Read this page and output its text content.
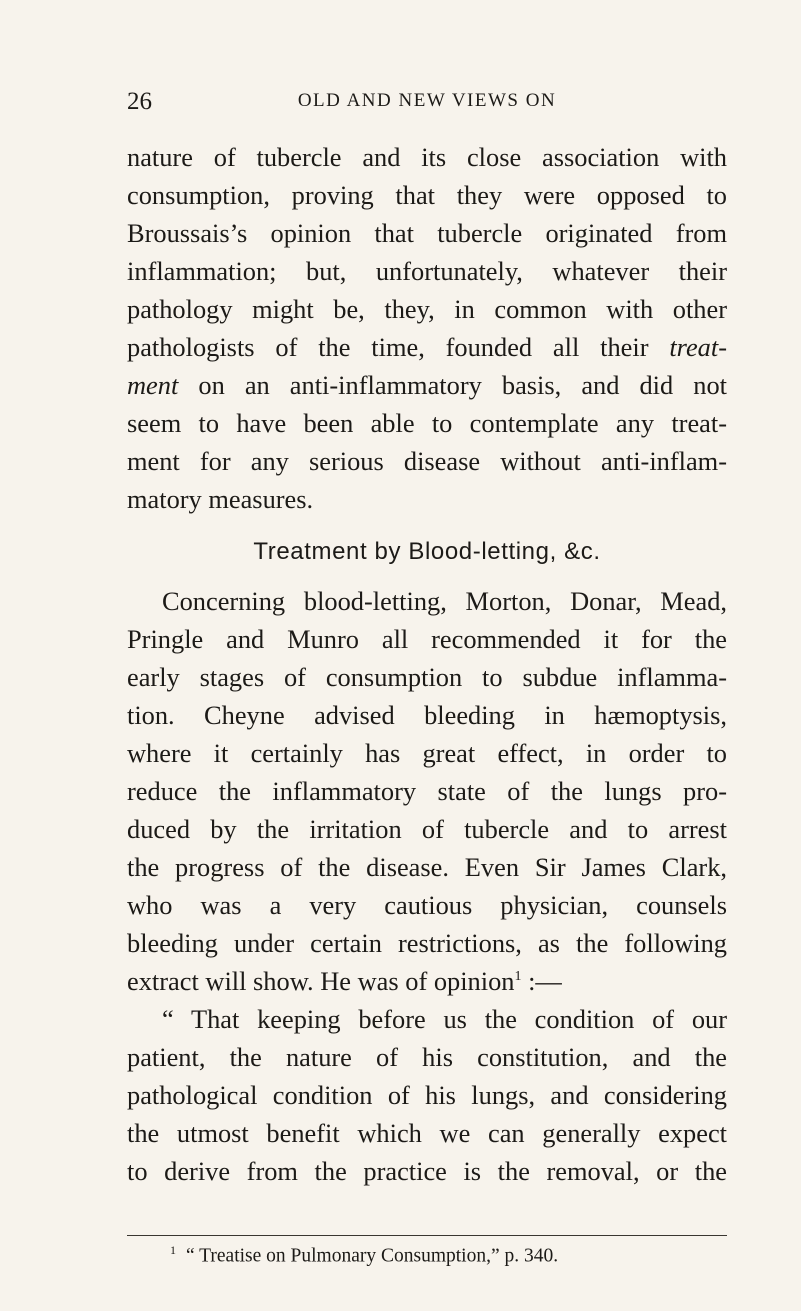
26	OLD AND NEW VIEWS ON
nature of tubercle and its close association with
consumption, proving that they were opposed to
Broussais’s opinion that tubercle originated from
inflammation; but, unfortunately, whatever their
pathology might be, they, in common with other
pathologists of the time, founded all their treat-
ment on an anti-inflammatory basis, and did not
seem to have been able to contemplate any treat-
ment for any serious disease without anti-inflam-
matory measures.
Treatment by Blood-letting, &c.
Concerning blood-letting, Morton, Donar, Mead,
Pringle and Munro all recommended it for the
early stages of consumption to subdue inflamma-
tion. Cheyne advised bleeding in hæmoptysis,
where it certainly has great effect, in order to
reduce the inflammatory state of the lungs pro-
duced by the irritation of tubercle and to arrest
the progress of the disease. Even Sir James Clark,
who was a very cautious physician, counsels
bleeding under certain restrictions, as the following
extract will show. He was of opinion$^1$ :—
“ That keeping before us the condition of our
patient, the nature of his constitution, and the
pathological condition of his lungs, and considering
the utmost benefit which we can generally expect
to derive from the practice is the removal, or the
$^1$ “ Treatise on Pulmonary Consumption,” p. 340.
